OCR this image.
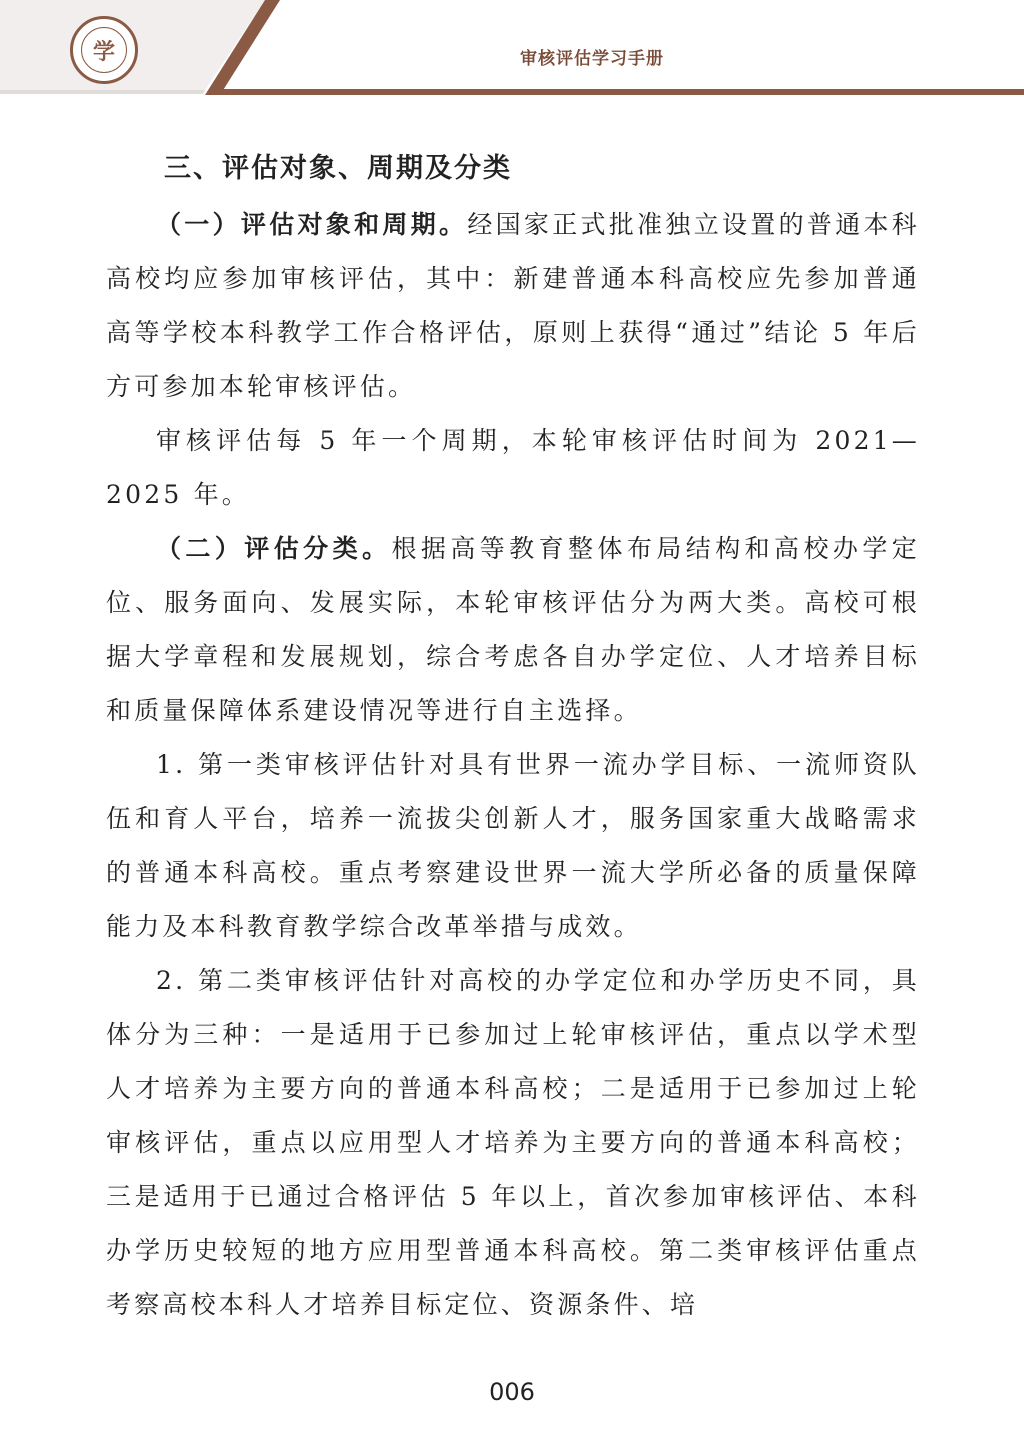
学	审核评估学习手册
三、评估对象、周期及分类

（一）评估对象和周期。经国家正式批准独立设置的普通本科高校均应参加审核评估，其中：新建普通本科高校应先参加普通高等学校本科教学工作合格评估，原则上获得“通过”结论 5 年后方可参加本轮审核评估。

审核评估每 5 年一个周期，本轮审核评估时间为 2021—2025 年。

（二）评估分类。根据高等教育整体布局结构和高校办学定位、服务面向、发展实际，本轮审核评估分为两大类。高校可根据大学章程和发展规划，综合考虑各自办学定位、人才培养目标和质量保障体系建设情况等进行自主选择。

1. 第一类审核评估针对具有世界一流办学目标、一流师资队伍和育人平台，培养一流拔尖创新人才，服务国家重大战略需求的普通本科高校。重点考察建设世界一流大学所必备的质量保障能力及本科教育教学综合改革举措与成效。

2. 第二类审核评估针对高校的办学定位和办学历史不同，具体分为三种：一是适用于已参加过上轮审核评估，重点以学术型人才培养为主要方向的普通本科高校；二是适用于已参加过上轮审核评估，重点以应用型人才培养为主要方向的普通本科高校；三是适用于已通过合格评估 5 年以上，首次参加审核评估、本科办学历史较短的地方应用型普通本科高校。第二类审核评估重点考察高校本科人才培养目标定位、资源条件、培

006
